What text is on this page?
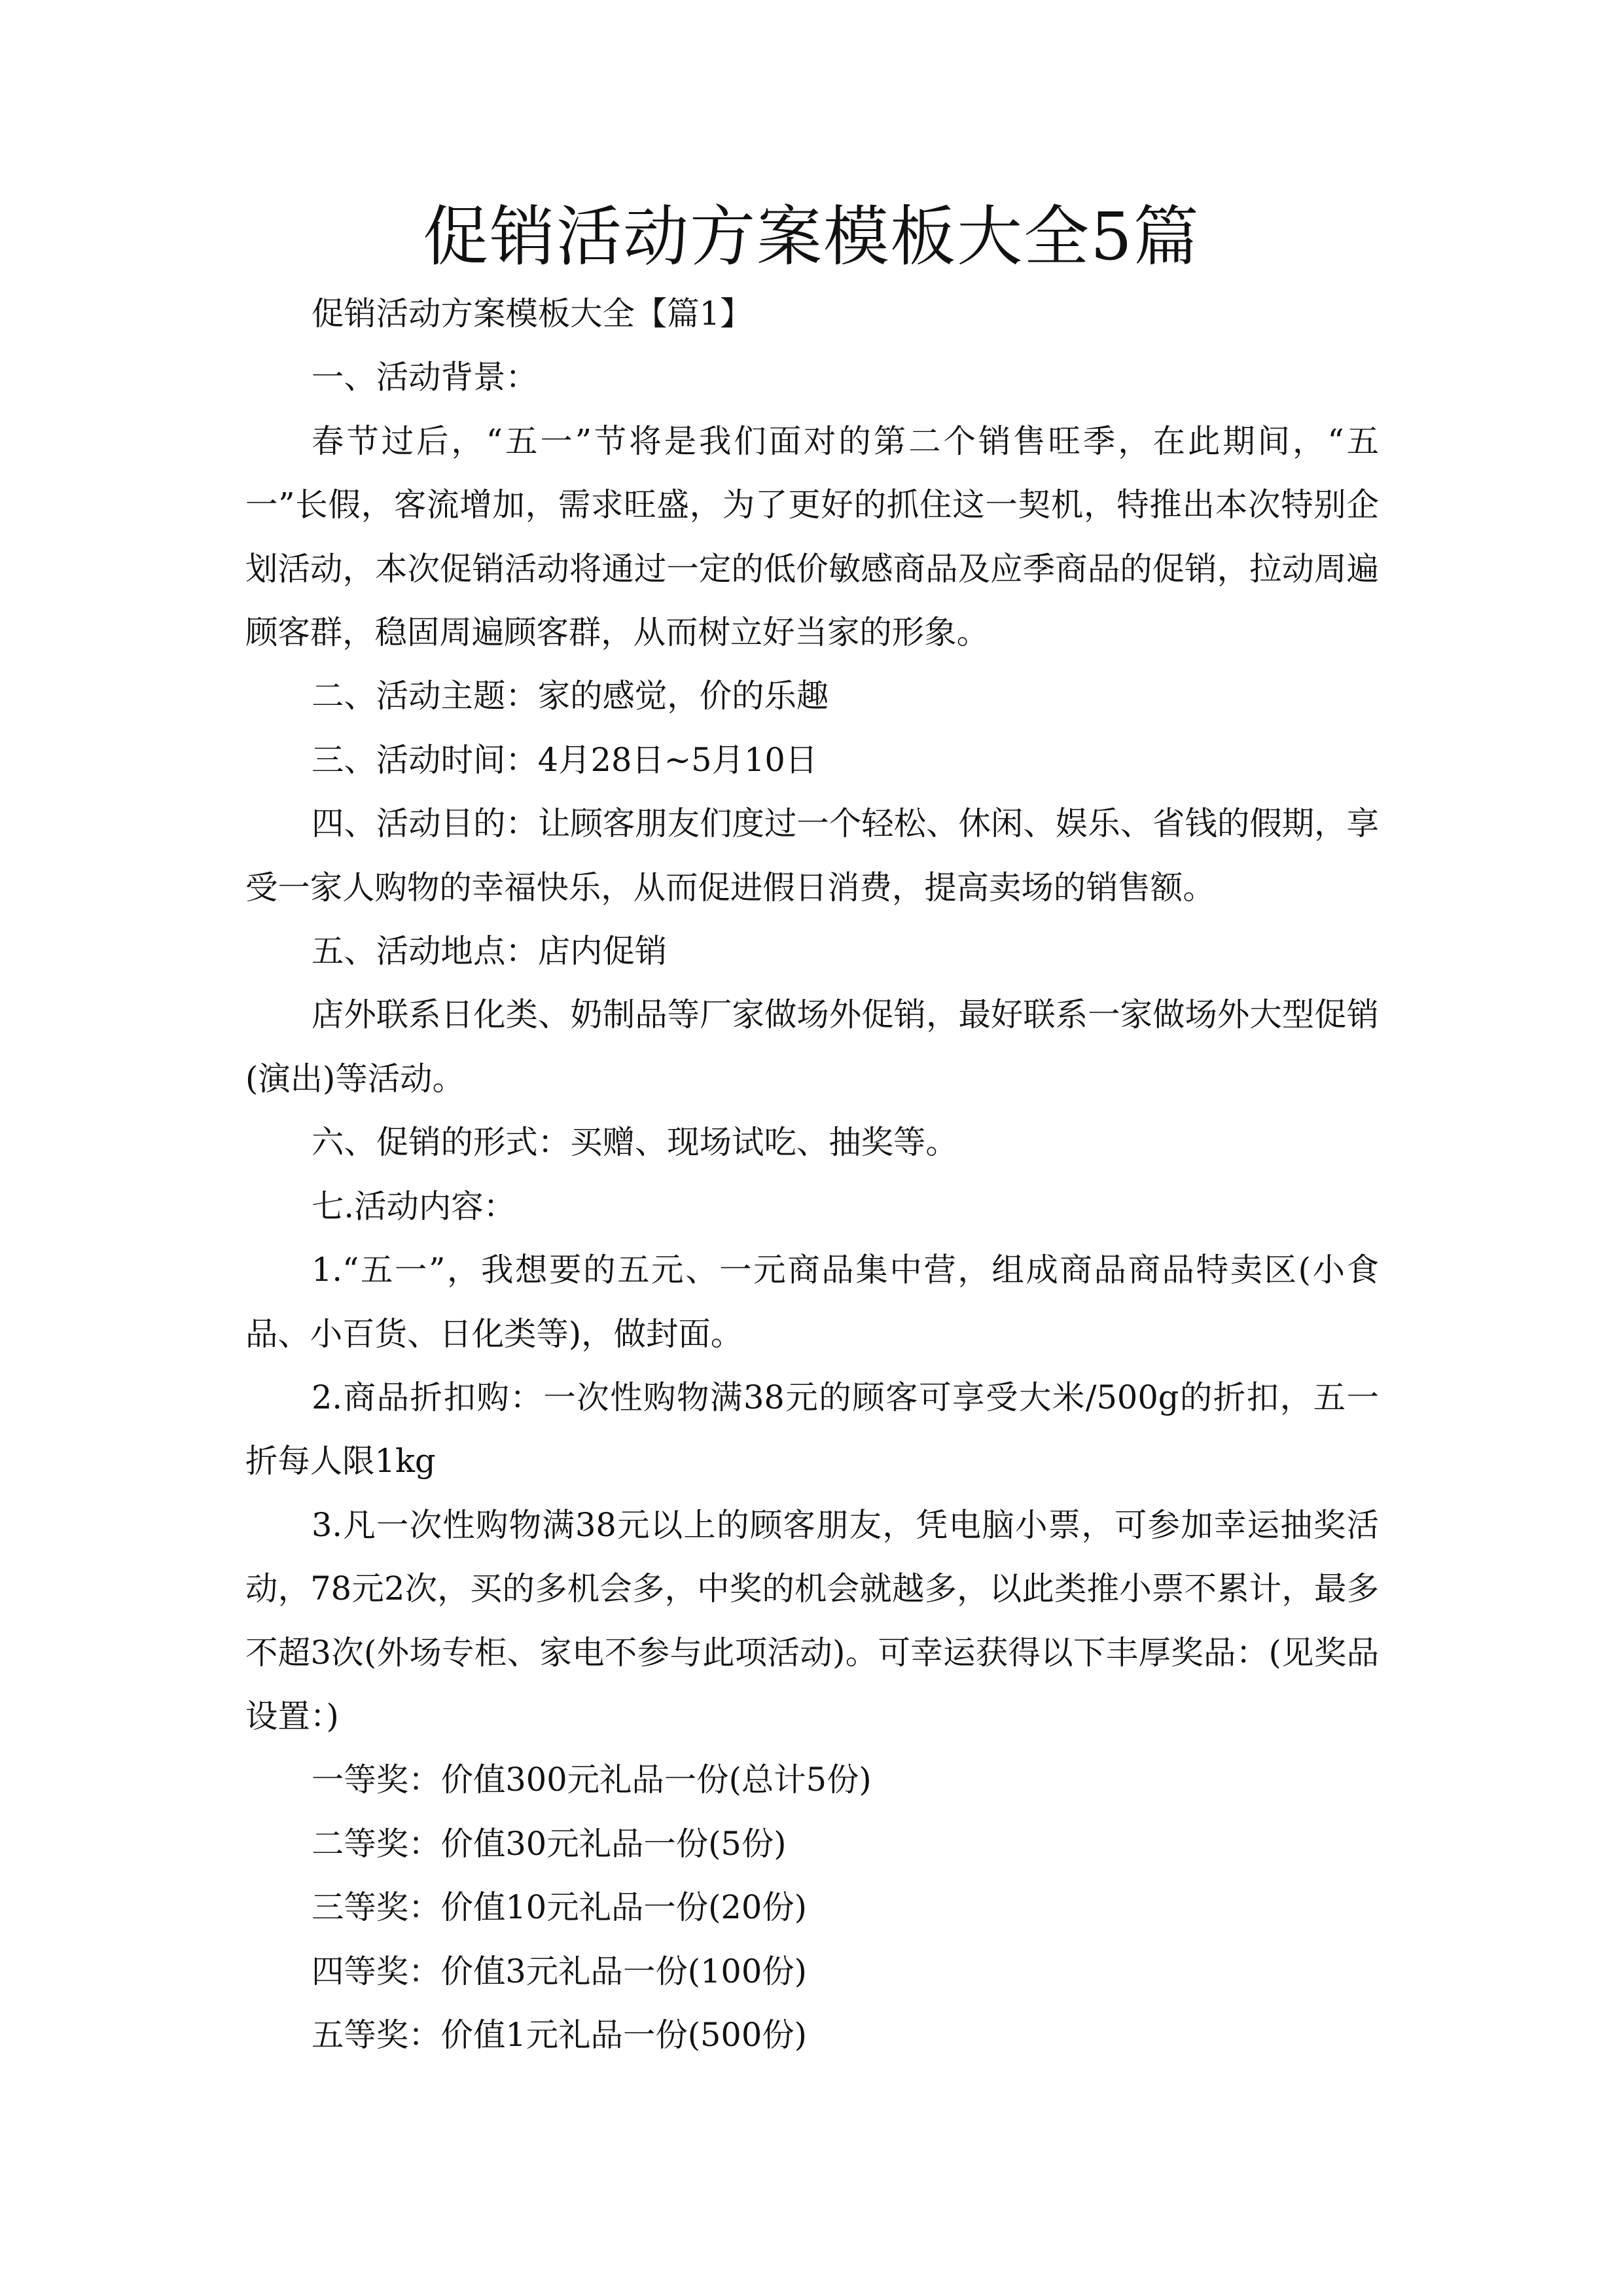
促销活动方案模板大全5篇

促销活动方案模板大全【篇1】

一、活动背景：

春节过后，“五一”节将是我们面对的第二个销售旺季，在此期间，“五一”长假，客流增加，需求旺盛，为了更好的抓住这一契机，特推出本次特别企划活动，本次促销活动将通过一定的低价敏感商品及应季商品的促销，拉动周遍顾客群，稳固周遍顾客群，从而树立好当家的形象。

二、活动主题：家的感觉，价的乐趣

三、活动时间：4月28日~5月10日

四、活动目的：让顾客朋友们度过一个轻松、休闲、娱乐、省钱的假期，享受一家人购物的幸福快乐，从而促进假日消费，提高卖场的销售额。

五、活动地点：店内促销

店外联系日化类、奶制品等厂家做场外促销，最好联系一家做场外大型促销(演出)等活动。

六、促销的形式：买赠、现场试吃、抽奖等。

七.活动内容：

1.“五一”，我想要的五元、一元商品集中营，组成商品商品特卖区(小食品、小百货、日化类等)，做封面。

2.商品折扣购：一次性购物满38元的顾客可享受大米/500g的折扣，五一折每人限1kg

3.凡一次性购物满38元以上的顾客朋友，凭电脑小票，可参加幸运抽奖活动，78元2次，买的多机会多，中奖的机会就越多，以此类推小票不累计，最多不超3次(外场专柜、家电不参与此项活动)。可幸运获得以下丰厚奖品：(见奖品设置：)

一等奖：价值300元礼品一份(总计5份)

二等奖：价值30元礼品一份(5份)

三等奖：价值10元礼品一份(20份)

四等奖：价值3元礼品一份(100份)

五等奖：价值1元礼品一份(500份)
